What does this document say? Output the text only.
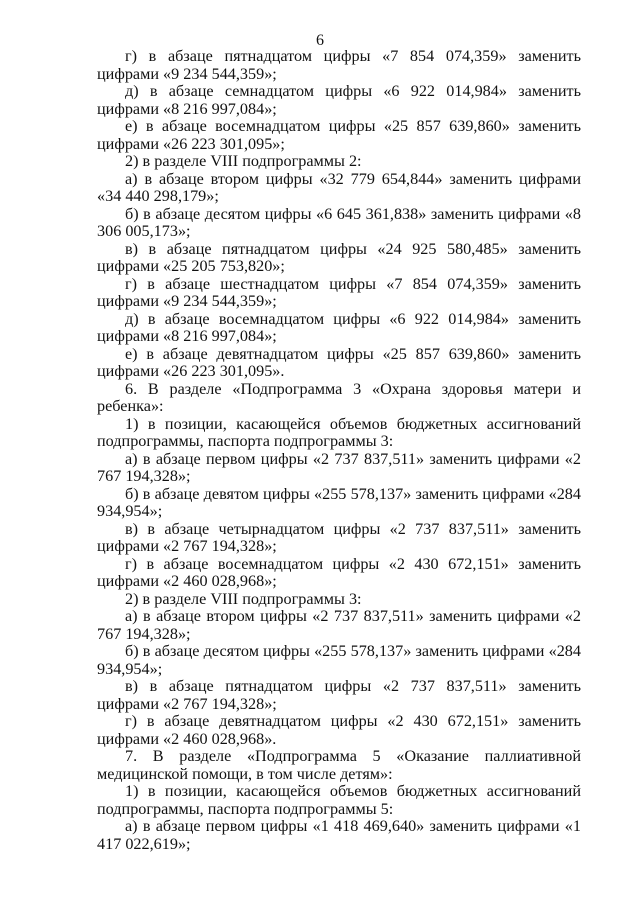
6

г) в абзаце пятнадцатом цифры «7 854 074,359» заменить цифрами «9 234 544,359»;

д) в абзаце семнадцатом цифры «6 922 014,984» заменить цифрами «8 216 997,084»;

е) в абзаце восемнадцатом цифры «25 857 639,860» заменить цифрами «26 223 301,095»;

2) в разделе VIII подпрограммы 2:

а) в абзаце втором цифры «32 779 654,844» заменить цифрами «34 440 298,179»;

б) в абзаце десятом цифры «6 645 361,838» заменить цифрами «8 306 005,173»;

в) в абзаце пятнадцатом цифры «24 925 580,485» заменить цифрами «25 205 753,820»;

г) в абзаце шестнадцатом цифры «7 854 074,359» заменить цифрами «9 234 544,359»;

д) в абзаце восемнадцатом цифры «6 922 014,984» заменить цифрами «8 216 997,084»;

е) в абзаце девятнадцатом цифры «25 857 639,860» заменить цифрами «26 223 301,095».

6. В разделе «Подпрограмма 3 «Охрана здоровья матери и ребенка»:

1) в позиции, касающейся объемов бюджетных ассигнований подпрограммы, паспорта подпрограммы 3:

а) в абзаце первом цифры «2 737 837,511» заменить цифрами «2 767 194,328»;

б) в абзаце девятом цифры «255 578,137» заменить цифрами «284 934,954»;

в) в абзаце четырнадцатом цифры «2 737 837,511» заменить цифрами «2 767 194,328»;

г) в абзаце восемнадцатом цифры «2 430 672,151» заменить цифрами «2 460 028,968»;

2) в разделе VIII подпрограммы 3:

а) в абзаце втором цифры «2 737 837,511» заменить цифрами «2 767 194,328»;

б) в абзаце десятом цифры «255 578,137» заменить цифрами «284 934,954»;

в) в абзаце пятнадцатом цифры «2 737 837,511» заменить цифрами «2 767 194,328»;

г) в абзаце девятнадцатом цифры «2 430 672,151» заменить цифрами «2 460 028,968».

7. В разделе «Подпрограмма 5 «Оказание паллиативной медицинской помощи, в том числе детям»:

1) в позиции, касающейся объемов бюджетных ассигнований подпрограммы, паспорта подпрограммы 5:

а) в абзаце первом цифры «1 418 469,640» заменить цифрами «1 417 022,619»;
